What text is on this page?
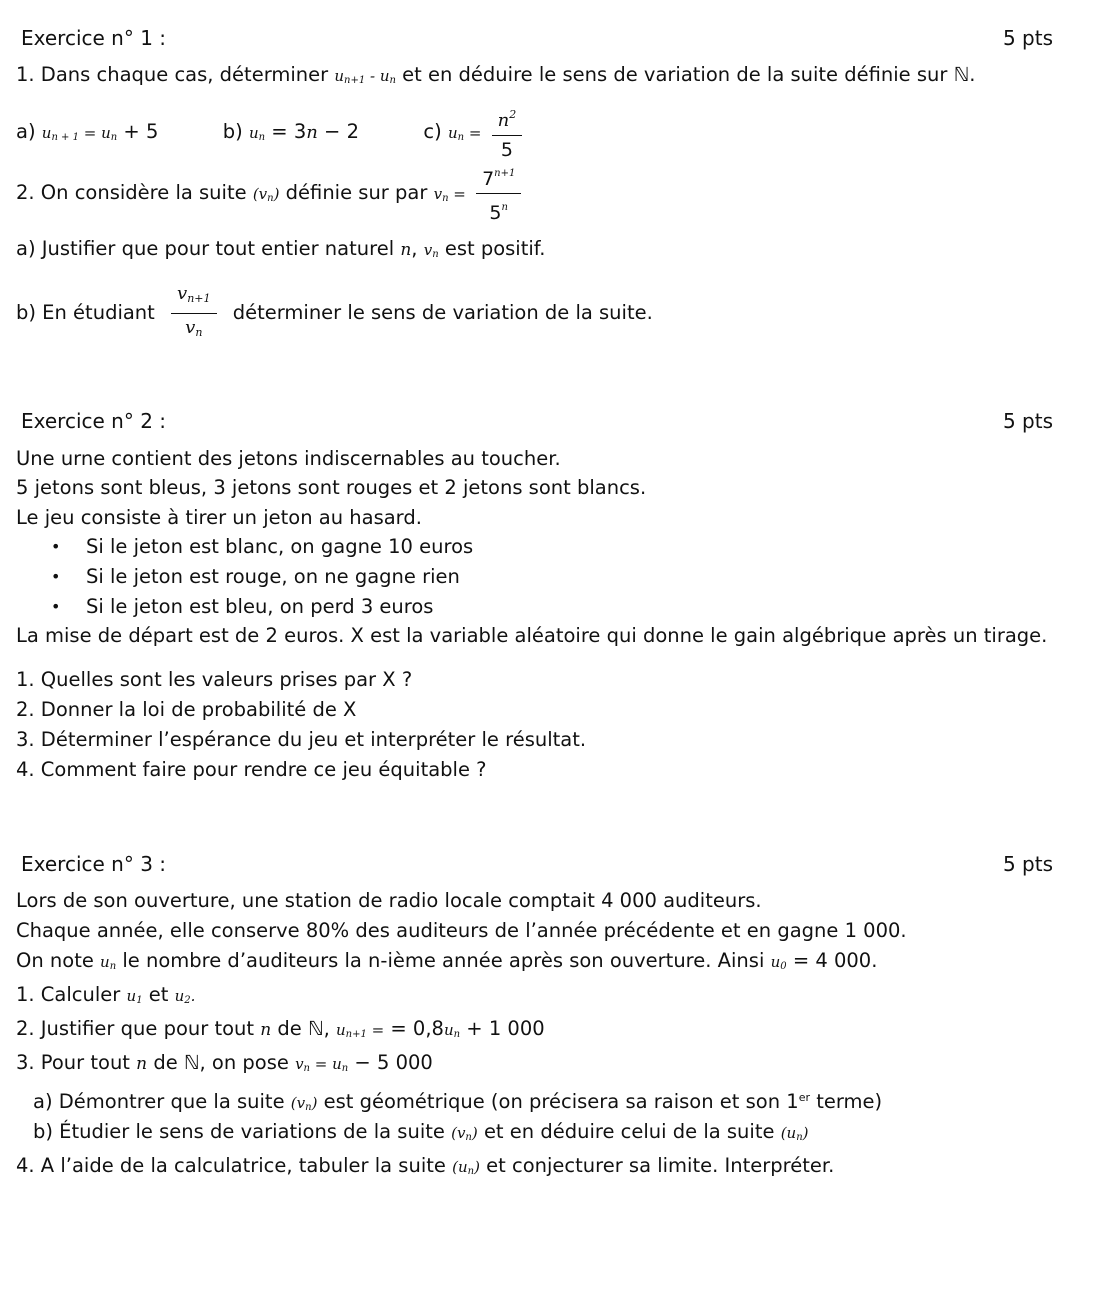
Exercice n° 1 :	5 pts
1. Dans chaque cas, déterminer $u_{n+1} - u_n$ et en déduire le sens de variation de la suite définie sur ℕ.
a) $u_{n + 1} = u_n + 5$	b) $u_n = 3n - 2$	c) $u_n = \frac{n^2}{5}$
2. On considère la suite $(v_n)$ définie sur par $v_n = \frac{7^{n+1}}{5^n}$
a) Justifier que pour tout entier naturel n, $v_n$ est positif.
b) En étudiant $\frac{v_{n+1}}{v_n}$ déterminer le sens de variation de la suite.
Exercice n° 2 :	5 pts
Une urne contient des jetons indiscernables au toucher.
5 jetons sont bleus, 3 jetons sont rouges et 2 jetons sont blancs.
Le jeu consiste à tirer un jeton au hasard.
• Si le jeton est blanc, on gagne 10 euros
• Si le jeton est rouge, on ne gagne rien
• Si le jeton est bleu, on perd 3 euros
La mise de départ est de 2 euros. X est la variable aléatoire qui donne le gain algébrique après un tirage.
1. Quelles sont les valeurs prises par X ?
2. Donner la loi de probabilité de X
3. Déterminer l’espérance du jeu et interpréter le résultat.
4. Comment faire pour rendre ce jeu équitable ?
Exercice n° 3 :	5 pts
Lors de son ouverture, une station de radio locale comptait 4 000 auditeurs.
Chaque année, elle conserve 80% des auditeurs de l’année précédente et en gagne 1 000.
On note $u_n$ le nombre d’auditeurs la n-ième année après son ouverture. Ainsi $u_0 = 4$ 000.
1. Calculer $u_1$ et $u_2$.
2. Justifier que pour tout n de ℕ, $u_{n+1}$ = = $0,8u_n + 1$ 000
3. Pour tout n de ℕ, on pose $v_n = u_n - 5$ 000
a) Démontrer que la suite $(v_n)$ est géométrique (on précisera sa raison et son 1er terme)
b) Étudier le sens de variations de la suite $(v_n)$ et en déduire celui de la suite $(u_n)$
4. A l’aide de la calculatrice, tabuler la suite $(u_n)$ et conjecturer sa limite. Interpréter.
